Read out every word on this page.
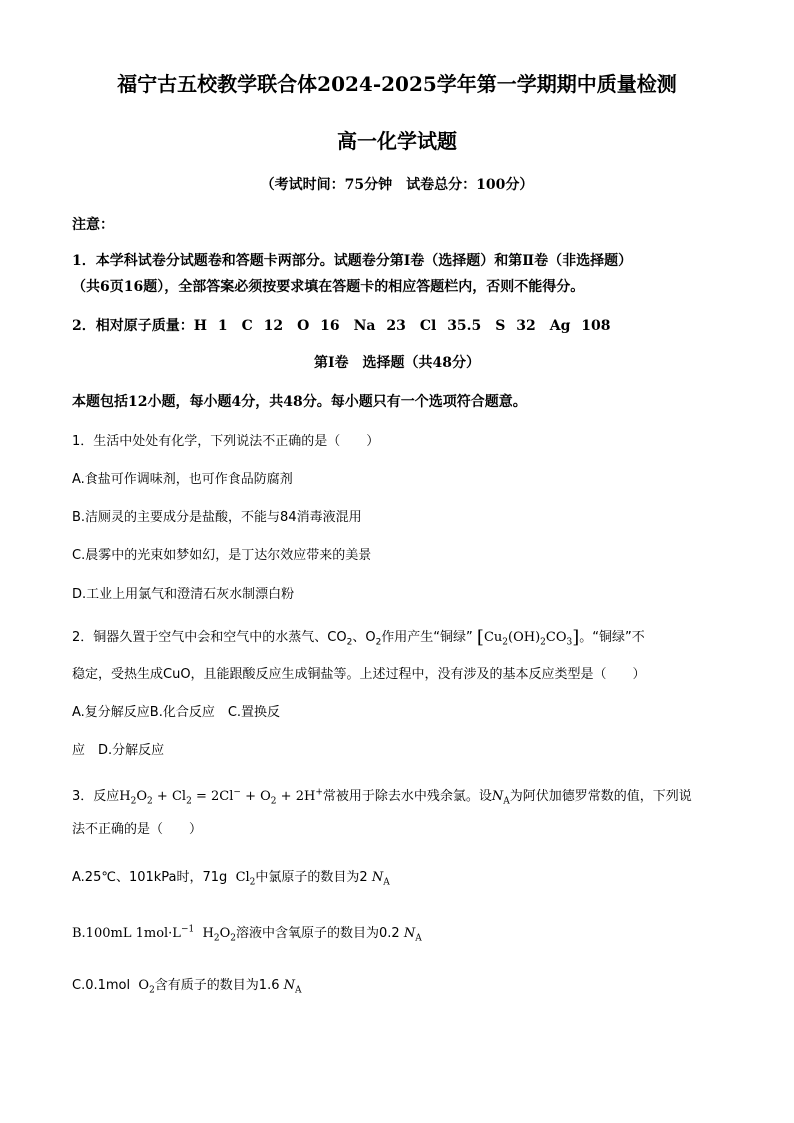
福宁古五校教学联合体2024-2025学年第一学期期中质量检测
高一化学试题
（考试时间：75分钟　试卷总分：100分）
注意：
1．本学科试卷分试题卷和答题卡两部分。试题卷分第Ⅰ卷（选择题）和第Ⅱ卷（非选择题）
（共6页16题），全部答案必须按要求填在答题卡的相应答题栏内，否则不能得分。
2．相对原子质量：H 1　C 12　O 16　Na 23　Cl 35.5　S 32　Ag 108
第Ⅰ卷　选择题（共48分）
本题包括12小题，每小题4分，共48分。每小题只有一个选项符合题意。
1．生活中处处有化学，下列说法不正确的是（　　）
A.食盐可作调味剂，也可作食品防腐剂
B.洁厕灵的主要成分是盐酸，不能与84消毒液混用
C.晨雾中的光束如梦如幻，是丁达尔效应带来的美景
D.工业上用氯气和澄清石灰水制漂白粉
2．铜器久置于空气中会和空气中的水蒸气、$CO_2$、$O_2$作用产生“铜绿” $[Cu_2(OH)_2CO_3]$。“铜绿”不
稳定，受热生成CuO，且能跟酸反应生成铜盐等。上述过程中，没有涉及的基本反应类型是（　　）
A.复分解反应B.化合反应　C.置换反
应　D.分解反应
3．反应$H_2O_2 + Cl_2 = 2Cl^- + O_2 + 2H^+$常被用于除去水中残余氯。设$N_A$为阿伏加德罗常数的值，下列说
法不正确的是（　　）
A.25℃、101kPa时，71g $Cl_2$中氯原子的数目为2 $N_A$
B.100mL $1mol\cdot L^{-1}$ $H_2O_2$溶液中含氧原子的数目为0.2 $N_A$
C.0.1mol $O_2$含有质子的数目为1.6 $N_A$
